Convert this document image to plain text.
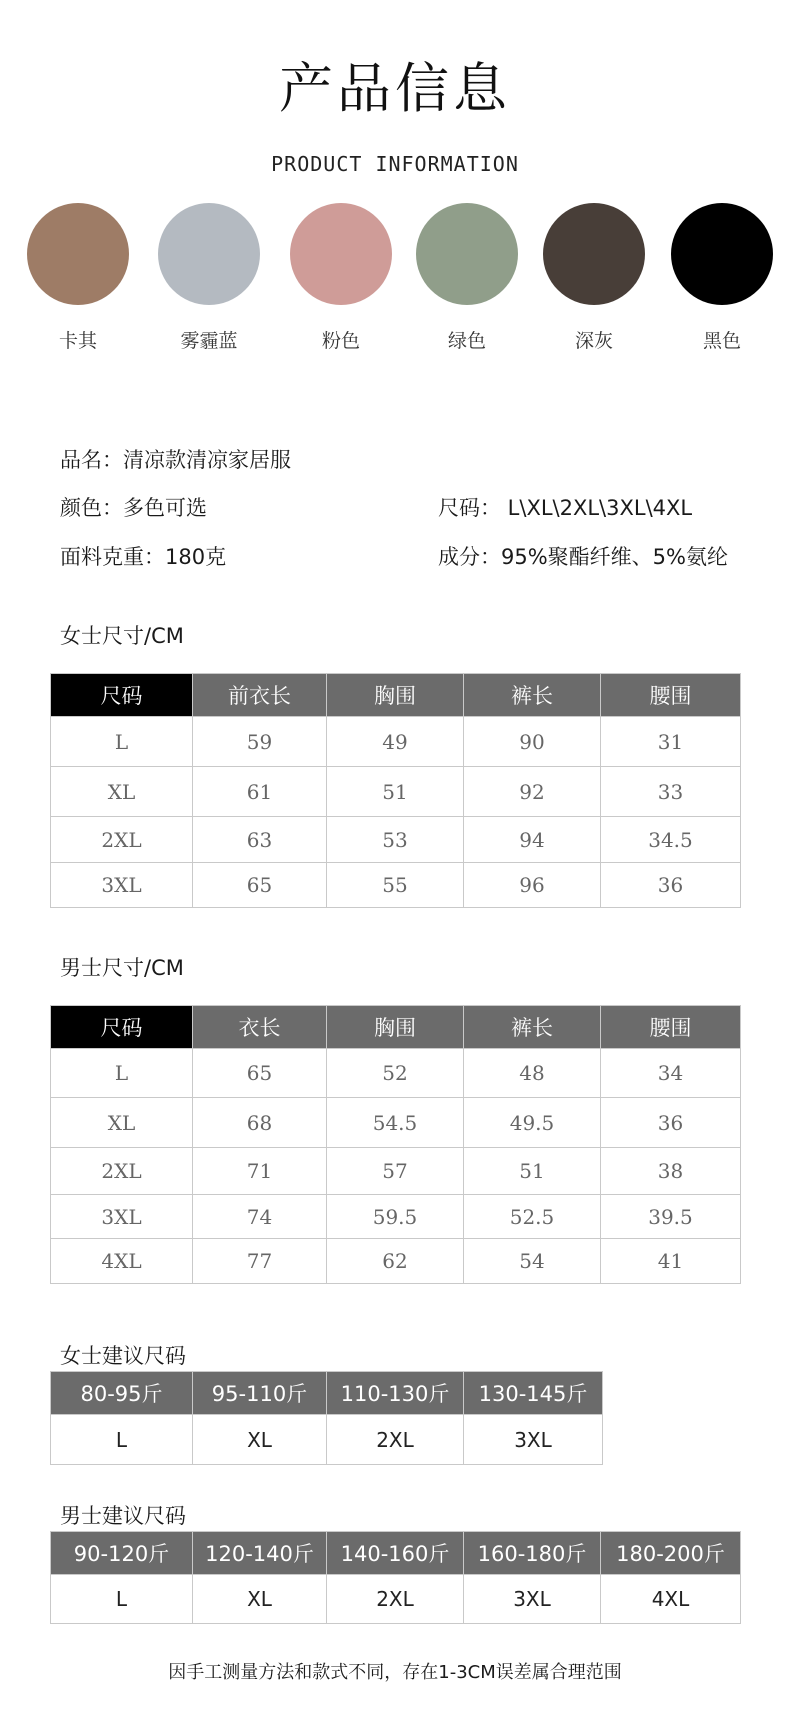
产品信息
PRODUCT INFORMATION
卡其	雾霾蓝	粉色	绿色	深灰	黑色
品名：清凉款清凉家居服
颜色：多色可选	尺码： L\XL\2XL\3XL\4XL
面料克重：180克	成分：95%聚酯纤维、5%氨纶
女士尺寸/CM
尺码	前衣长	胸围	裤长	腰围
L	59	49	90	31
XL	61	51	92	33
2XL	63	53	94	34.5
3XL	65	55	96	36
男士尺寸/CM
尺码	衣长	胸围	裤长	腰围
L	65	52	48	34
XL	68	54.5	49.5	36
2XL	71	57	51	38
3XL	74	59.5	52.5	39.5
4XL	77	62	54	41
女士建议尺码
80-95斤	95-110斤	110-130斤	130-145斤
L	XL	2XL	3XL
男士建议尺码
90-120斤	120-140斤	140-160斤	160-180斤	180-200斤
L	XL	2XL	3XL	4XL
因手工测量方法和款式不同，存在1-3CM误差属合理范围
